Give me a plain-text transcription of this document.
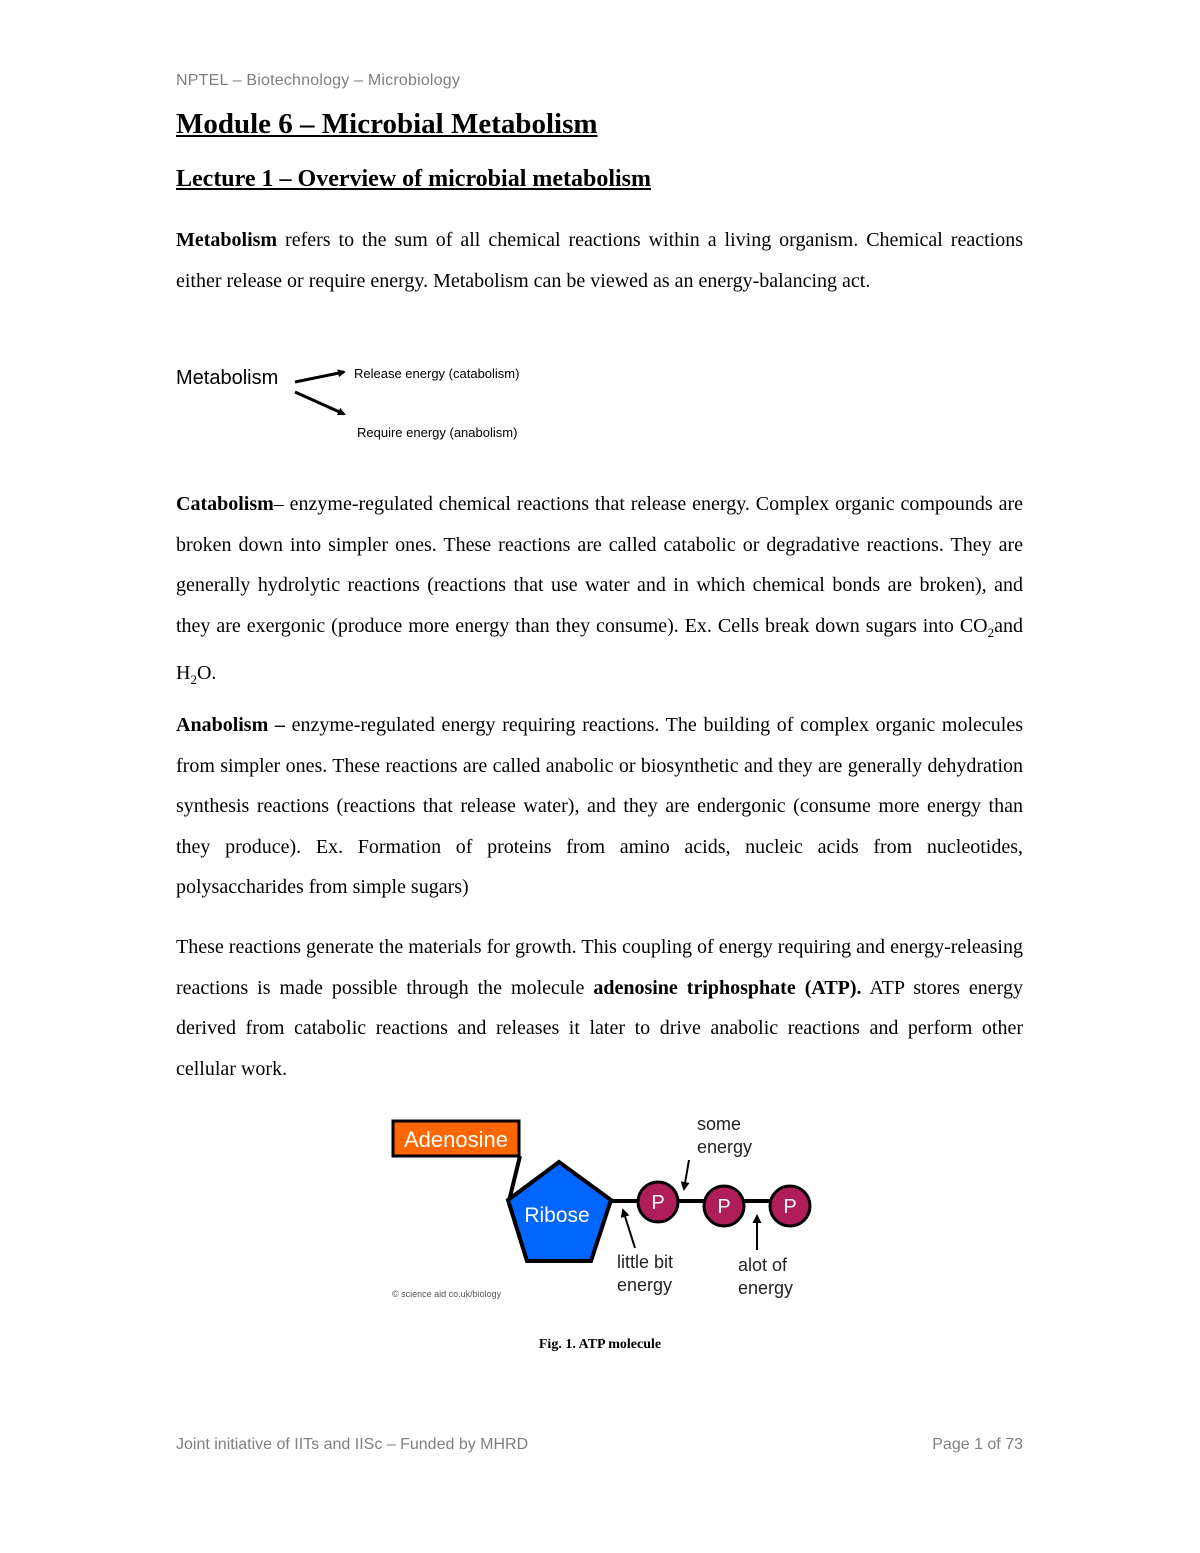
NPTEL – Biotechnology – Microbiology
Module 6 – Microbial Metabolism
Lecture 1 – Overview of microbial metabolism

Metabolism refers to the sum of all chemical reactions within a living organism. Chemical reactions either release or require energy. Metabolism can be viewed as an energy-balancing act.

Metabolism	Release energy (catabolism)
Require energy (anabolism)

Catabolism– enzyme-regulated chemical reactions that release energy. Complex organic compounds are broken down into simpler ones. These reactions are called catabolic or degradative reactions. They are generally hydrolytic reactions (reactions that use water and in which chemical bonds are broken), and they are exergonic (produce more energy than they consume). Ex. Cells break down sugars into $CO_2and$ $H_2O$.

Anabolism – enzyme-regulated energy requiring reactions. The building of complex organic molecules from simpler ones. These reactions are called anabolic or biosynthetic and they are generally dehydration synthesis reactions (reactions that release water), and they are endergonic (consume more energy than they produce). Ex. Formation of proteins from amino acids, nucleic acids from nucleotides, polysaccharides from simple sugars)

These reactions generate the materials for growth. This coupling of energy requiring and energy-releasing reactions is made possible through the molecule adenosine triphosphate (ATP). ATP stores energy derived from catabolic reactions and releases it later to drive anabolic reactions and perform other cellular work.

Adenosine
Ribose
P	P	P
some
energy
little bit
energy
alot of
energy
© science aid co.uk/biology
Fig. 1. ATP molecule
Joint initiative of IITs and IISc – Funded by MHRD	Page 1 of 73
